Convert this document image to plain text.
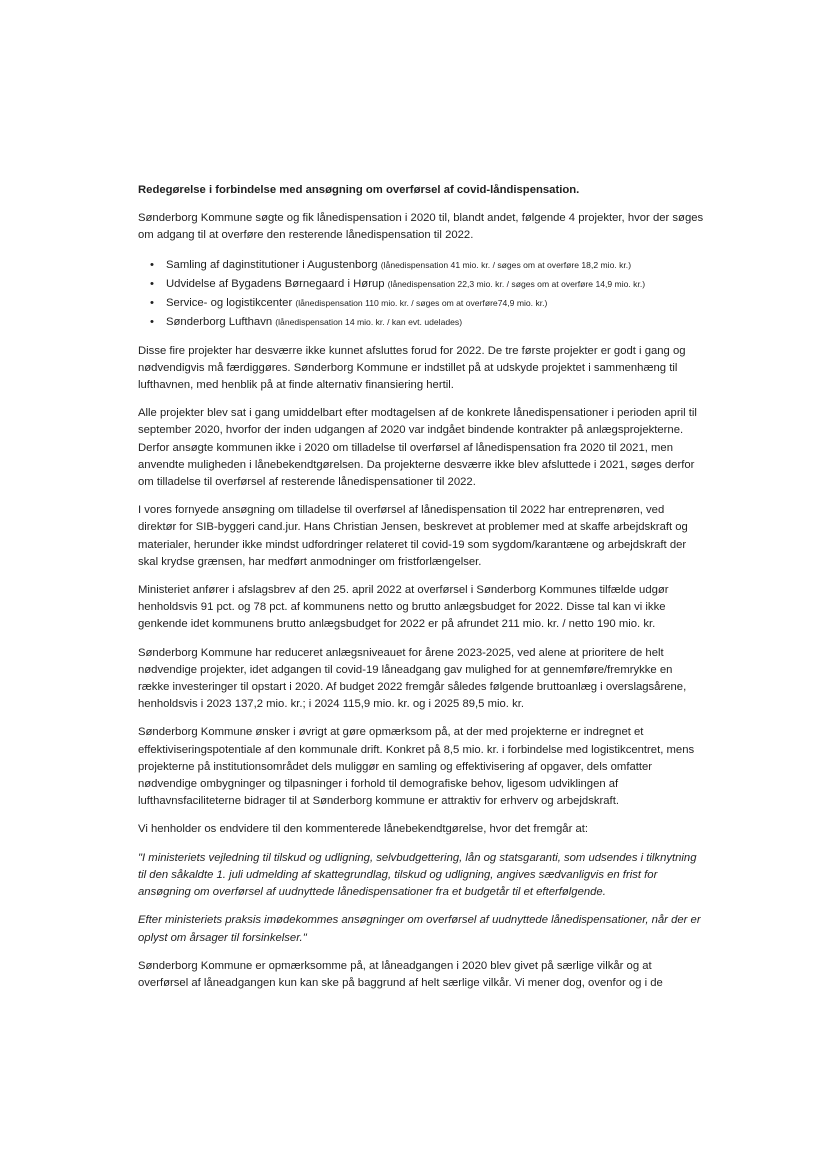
Redegørelse i forbindelse med ansøgning om overførsel af covid-låndispensation.

Sønderborg Kommune søgte og fik lånedispensation i 2020 til, blandt andet, følgende 4 projekter, hvor der søges om adgang til at overføre den resterende lånedispensation til 2022.

• Samling af daginstitutioner i Augustenborg (lånedispensation 41 mio. kr. / søges om at overføre 18,2 mio. kr.)
• Udvidelse af Bygadens Børnegaard i Hørup (lånedispensation 22,3 mio. kr. / søges om at overføre 14,9 mio. kr.)
• Service- og logistikcenter (lånedispensation 110 mio. kr. / søges om at overføre74,9 mio. kr.)
• Sønderborg Lufthavn (lånedispensation 14 mio. kr. / kan evt. udelades)

Disse fire projekter har desværre ikke kunnet afsluttes forud for 2022. De tre første projekter er godt i gang og nødvendigvis må færdiggøres. Sønderborg Kommune er indstillet på at udskyde projektet i sammenhæng til lufthavnen, med henblik på at finde alternativ finansiering hertil.

Alle projekter blev sat i gang umiddelbart efter modtagelsen af de konkrete lånedispensationer i perioden april til september 2020, hvorfor der inden udgangen af 2020 var indgået bindende kontrakter på anlægsprojekterne. Derfor ansøgte kommunen ikke i 2020 om tilladelse til overførsel af lånedispensation fra 2020 til 2021, men anvendte muligheden i lånebekendtgørelsen. Da projekterne desværre ikke blev afsluttede i 2021, søges derfor om tilladelse til overførsel af resterende lånedispensationer til 2022.

I vores fornyede ansøgning om tilladelse til overførsel af lånedispensation til 2022 har entreprenøren, ved direktør for SIB-byggeri cand.jur. Hans Christian Jensen, beskrevet at problemer med at skaffe arbejdskraft og materialer, herunder ikke mindst udfordringer relateret til covid-19 som sygdom/karantæne og arbejdskraft der skal krydse grænsen, har medført anmodninger om fristforlængelser.

Ministeriet anfører i afslagsbrev af den 25. april 2022 at overførsel i Sønderborg Kommunes tilfælde udgør henholdsvis 91 pct. og 78 pct. af kommunens netto og brutto anlægsbudget for 2022. Disse tal kan vi ikke genkende idet kommunens brutto anlægsbudget for 2022 er på afrundet 211 mio. kr. / netto 190 mio. kr.

Sønderborg Kommune har reduceret anlægsniveauet for årene 2023-2025, ved alene at prioritere de helt nødvendige projekter, idet adgangen til covid-19 låneadgang gav mulighed for at gennemføre/fremrykke en række investeringer til opstart i 2020. Af budget 2022 fremgår således følgende bruttoanlæg i overslagsårene, henholdsvis i 2023 137,2 mio. kr.; i 2024 115,9 mio. kr. og i 2025 89,5 mio. kr.

Sønderborg Kommune ønsker i øvrigt at gøre opmærksom på, at der med projekterne er indregnet et effektiviseringspotentiale af den kommunale drift. Konkret på 8,5 mio. kr. i forbindelse med logistikcentret, mens projekterne på institutionsområdet dels muliggør en samling og effektivisering af opgaver, dels omfatter nødvendige ombygninger og tilpasninger i forhold til demografiske behov, ligesom udviklingen af lufthavnsfaciliteterne bidrager til at Sønderborg kommune er attraktiv for erhverv og arbejdskraft.

Vi henholder os endvidere til den kommenterede lånebekendtgørelse, hvor det fremgår at:

"I ministeriets vejledning til tilskud og udligning, selvbudgettering, lån og statsgaranti, som udsendes i tilknytning til den såkaldte 1. juli udmelding af skattegrundlag, tilskud og udligning, angives sædvanligvis en frist for ansøgning om overførsel af uudnyttede lånedispensationer fra et budgetår til et efterfølgende.

Efter ministeriets praksis imødekommes ansøgninger om overførsel af uudnyttede lånedispensationer, når der er oplyst om årsager til forsinkelser."

Sønderborg Kommune er opmærksomme på, at låneadgangen i 2020 blev givet på særlige vilkår og at overførsel af låneadgangen kun kan ske på baggrund af helt særlige vilkår. Vi mener dog, ovenfor og i de
